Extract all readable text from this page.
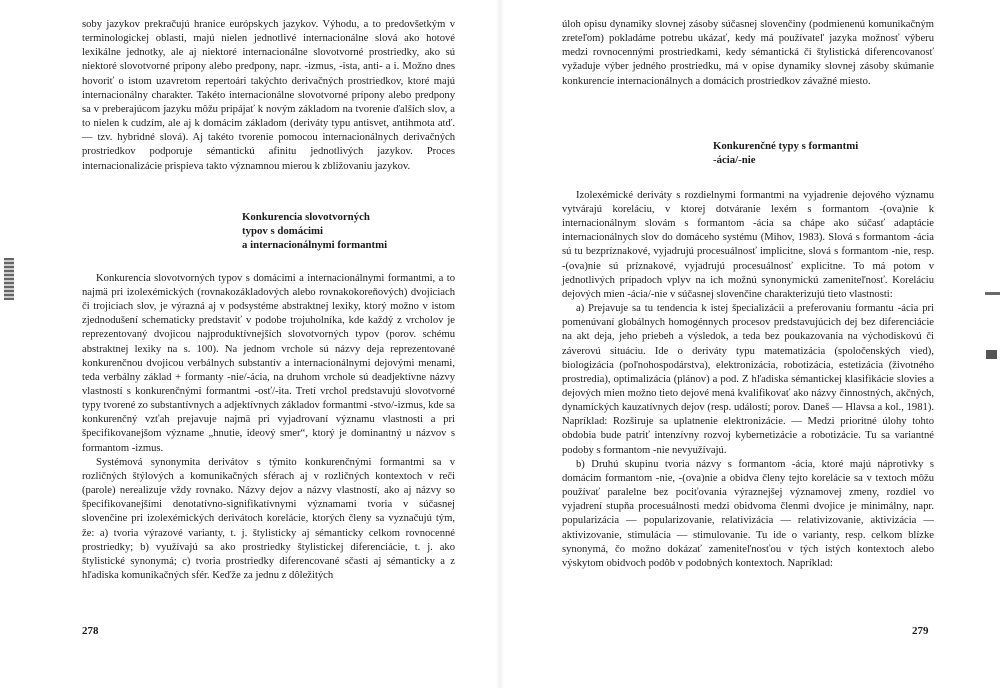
soby jazykov prekračujú hranice európskych jazykov. Výhodu, a to predovšetkým v terminologickej oblasti, majú nielen jednotlivé internacionálne slová ako hotové lexikálne jednotky, ale aj niektoré internacionálne slovotvorné prostriedky, ako sú niektoré slovotvorné prípony alebo predpony, napr. -izmus, -ista, anti- a i. Možno dnes hovoriť o istom uzavretom repertoári takýchto derivačných prostriedkov, ktoré majú internacionálny charakter. Takéto internacionálne slovotvorné prípony alebo predpony sa v preberajúcom jazyku môžu pripájať k novým základom na tvorenie ďalších slov, a to nielen k cudzím, ale aj k domácim základom (deriváty typu antisvet, antihmota atď. — tzv. hybridné slová). Aj takéto tvorenie pomocou internacionálnych derivačných prostriedkov podporuje sémantickú afinitu jednotlivých jazykov. Proces internacionalizácie prispieva takto významnou mierou k zbližovaniu jazykov.

Konkurencia slovotvorných
typov s domácimi
a internacionálnymi formantmi

Konkurencia slovotvorných typov s domácimi a internacionálnymi formantmi, a to najmä pri izolexémických (rovnakozákladových alebo rovnakokoreňových) dvojiciach či trojiciach slov, je výrazná aj v podsystéme abstraktnej lexiky, ktorý možno v istom zjednodušení schematicky predstaviť v podobe trojuholníka, kde každý z vrcholov je reprezentovaný dvojicou najproduktívnejších slovotvorných typov (porov. schému abstraktnej lexiky na s. 100). Na jednom vrchole sú názvy deja reprezentované konkurenčnou dvojicou verbálnych substantív a internacionálnymi dejovými menami, teda verbálny základ + formanty -nie/-ácia, na druhom vrchole sú deadjektívne názvy vlastností s konkurenčnými formantmi -osť/-ita. Tretí vrchol predstavujú slovotvorné typy tvorené zo substantívnych a adjektívnych základov formantmi -stvo/-izmus, kde sa konkurenčný vzťah prejavuje najmä pri vyjadrovaní významu vlastnosti a pri špecifikovanejšom význame „hnutie, ideový smer“, ktorý je dominantný u názvov s formantom -izmus.

Systémová synonymita derivátov s týmito konkurenčnými formantmi sa v rozličných štýlových a komunikačných sférach aj v rozličných kontextoch v reči (parole) nerealizuje vždy rovnako. Názvy dejov a názvy vlastností, ako aj názvy so špecifikovanejšími denotatívno-signifikatívnymi významami tvoria v súčasnej slovenčine pri izolexémických derivátoch korelácie, ktorých členy sa vyznačujú tým, že: a) tvoria výrazové varianty, t. j. štylisticky aj sémanticky celkom rovnocenné prostriedky; b) využívajú sa ako prostriedky štylistickej diferenciácie, t. j. ako štylistické synonymá; c) tvoria prostriedky diferencované sčasti aj sémanticky a z hľadiska komunikačných sfér. Keďže za jednu z dôležitých

278

úloh opisu dynamiky slovnej zásoby súčasnej slovenčiny (podmienenú komunikačným zreteľom) pokladáme potrebu ukázať, kedy má používateľ jazyka možnosť výberu medzi rovnocennými prostriedkami, kedy sémantická či štylistická diferencovanosť vyžaduje výber jedného prostriedku, má v opise dynamiky slovnej zásoby skúmanie konkurencie internacionálnych a domácich prostriedkov závažné miesto.

Konkurenčné typy s formantmi
-ácia/-nie

Izolexémické deriváty s rozdielnymi formantmi na vyjadrenie dejového významu vytvárajú koreláciu, v ktorej dotváranie lexém s formantom -(ova)nie k internacionálnym slovám s formantom -ácia sa chápe ako súčasť adaptácie internacionálnych slov do domáceho systému (Mihov, 1983). Slová s formantom -ácia sú tu bezpríznakové, vyjadrujú procesuálnosť implicitne, slová s formantom -nie, resp. -(ova)nie sú príznakové, vyjadrujú procesuálnosť explicitne. To má potom v jednotlivých prípadoch vplyv na ich možnú synonymickú zameniteľnosť. Koreláciu dejových mien -ácia/-nie v súčasnej slovenčine charakterizujú tieto vlastnosti:

a) Prejavuje sa tu tendencia k istej špecializácii a preferovaniu formantu -ácia pri pomenúvaní globálnych homogénnych procesov predstavujúcich dej bez diferenciácie na akt deja, jeho priebeh a výsledok, a teda bez poukazovania na východiskovú či záverovú situáciu. Ide o deriváty typu matematizácia (spoločenských vied), biologizácia (poľnohospodárstva), elektronizácia, robotizácia, estetizácia (životného prostredia), optimalizácia (plánov) a pod. Z hľadiska sémantickej klasifikácie slovies a dejových mien možno tieto dejové mená kvalifikovať ako názvy činnostných, akčných, dynamických kauzatívnych dejov (resp. událostí; porov. Daneš — Hlavsa a kol., 1981). Napríklad: Rozširuje sa uplatnenie elektronizácie. — Medzi prioritné úlohy tohto obdobia bude patriť intenzívny rozvoj kybernetizácie a robotizácie. Tu sa variantné podoby s formantom -nie nevyužívajú.

b) Druhú skupinu tvoria názvy s formantom -ácia, ktoré majú náprotivky s domácim formantom -nie, -(ova)nie a obidva členy tejto korelácie sa v textoch môžu používať paralelne bez pociťovania výraznejšej významovej zmeny, rozdiel vo vyjadrení stupňa procesuálnosti medzi obidvoma členmi dvojice je minimálny, napr. popularizácia — popularizovanie, relativizácia — relativizovanie, aktivizácia — aktivizovanie, stimulácia — stimulovanie. Tu ide o varianty, resp. celkom blízke synonymá, čo možno dokázať zameniteľnosťou v tých istých kontextoch alebo výskytom obidvoch podôb v podobných kontextoch. Napríklad:

279
